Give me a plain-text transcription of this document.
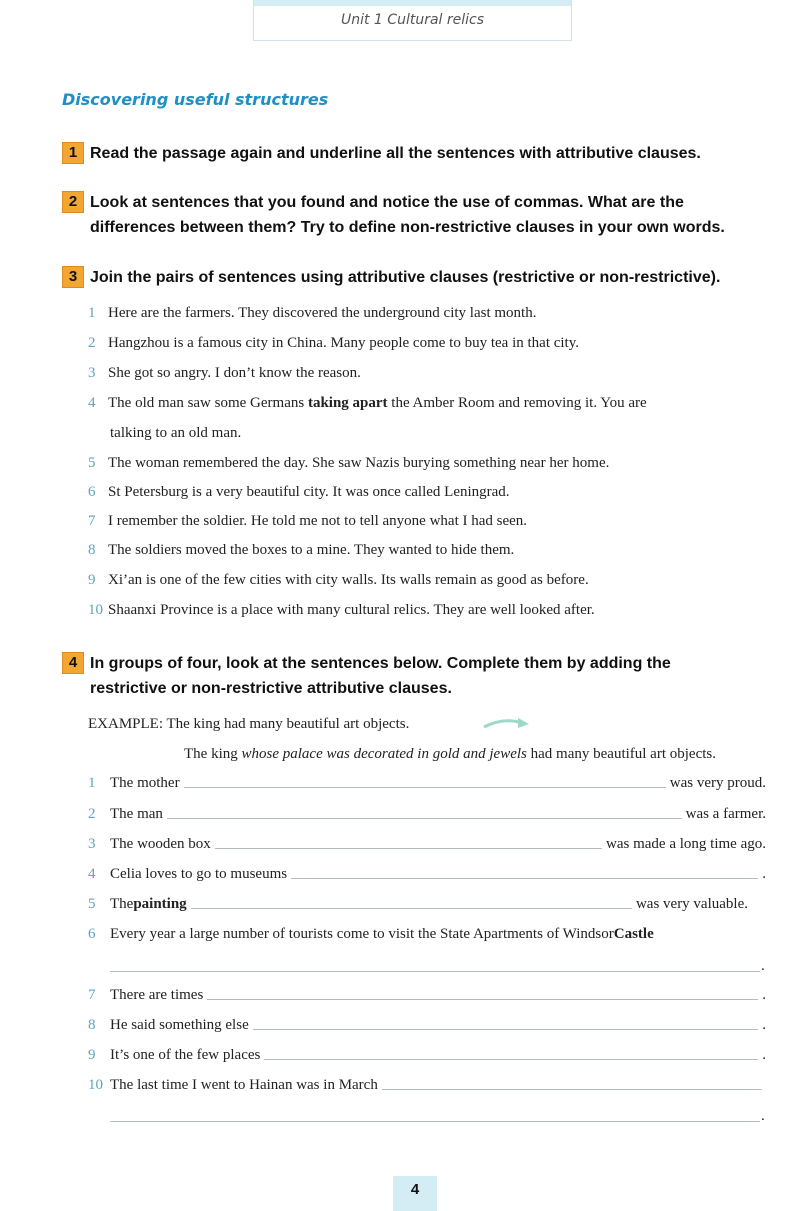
Unit 1 Cultural relics
Discovering useful structures
1 Read the passage again and underline all the sentences with attributive clauses.
2 Look at sentences that you found and notice the use of commas. What are the
differences between them? Try to define non-restrictive clauses in your own words.
3 Join the pairs of sentences using attributive clauses (restrictive or non-restrictive).
1 Here are the farmers. They discovered the underground city last month.
2 Hangzhou is a famous city in China. Many people come to buy tea in that city.
3 She got so angry. I don’t know the reason.
4 The old man saw some Germans taking apart the Amber Room and removing it. You are
talking to an old man.
5 The woman remembered the day. She saw Nazis burying something near her home.
6 St Petersburg is a very beautiful city. It was once called Leningrad.
7 I remember the soldier. He told me not to tell anyone what I had seen.
8 The soldiers moved the boxes to a mine. They wanted to hide them.
9 Xi’an is one of the few cities with city walls. Its walls remain as good as before.
10 Shaanxi Province is a place with many cultural relics. They are well looked after.
4 In groups of four, look at the sentences below. Complete them by adding the
restrictive or non-restrictive attributive clauses.
EXAMPLE: The king had many beautiful art objects.
The king whose palace was decorated in gold and jewels had many beautiful art objects.
1 The mother	was very proud.
2 The man	was a farmer.
3 The wooden box	was made a long time ago.
4 Celia loves to go to museums	.
5 The painting	was very valuable.
6 Every year a large number of tourists come to visit the State Apartments of Windsor Castle
.
7 There are times	.
8 He said something else	.
9 It’s one of the few places	.
10 The last time I went to Hainan was in March
.
4
